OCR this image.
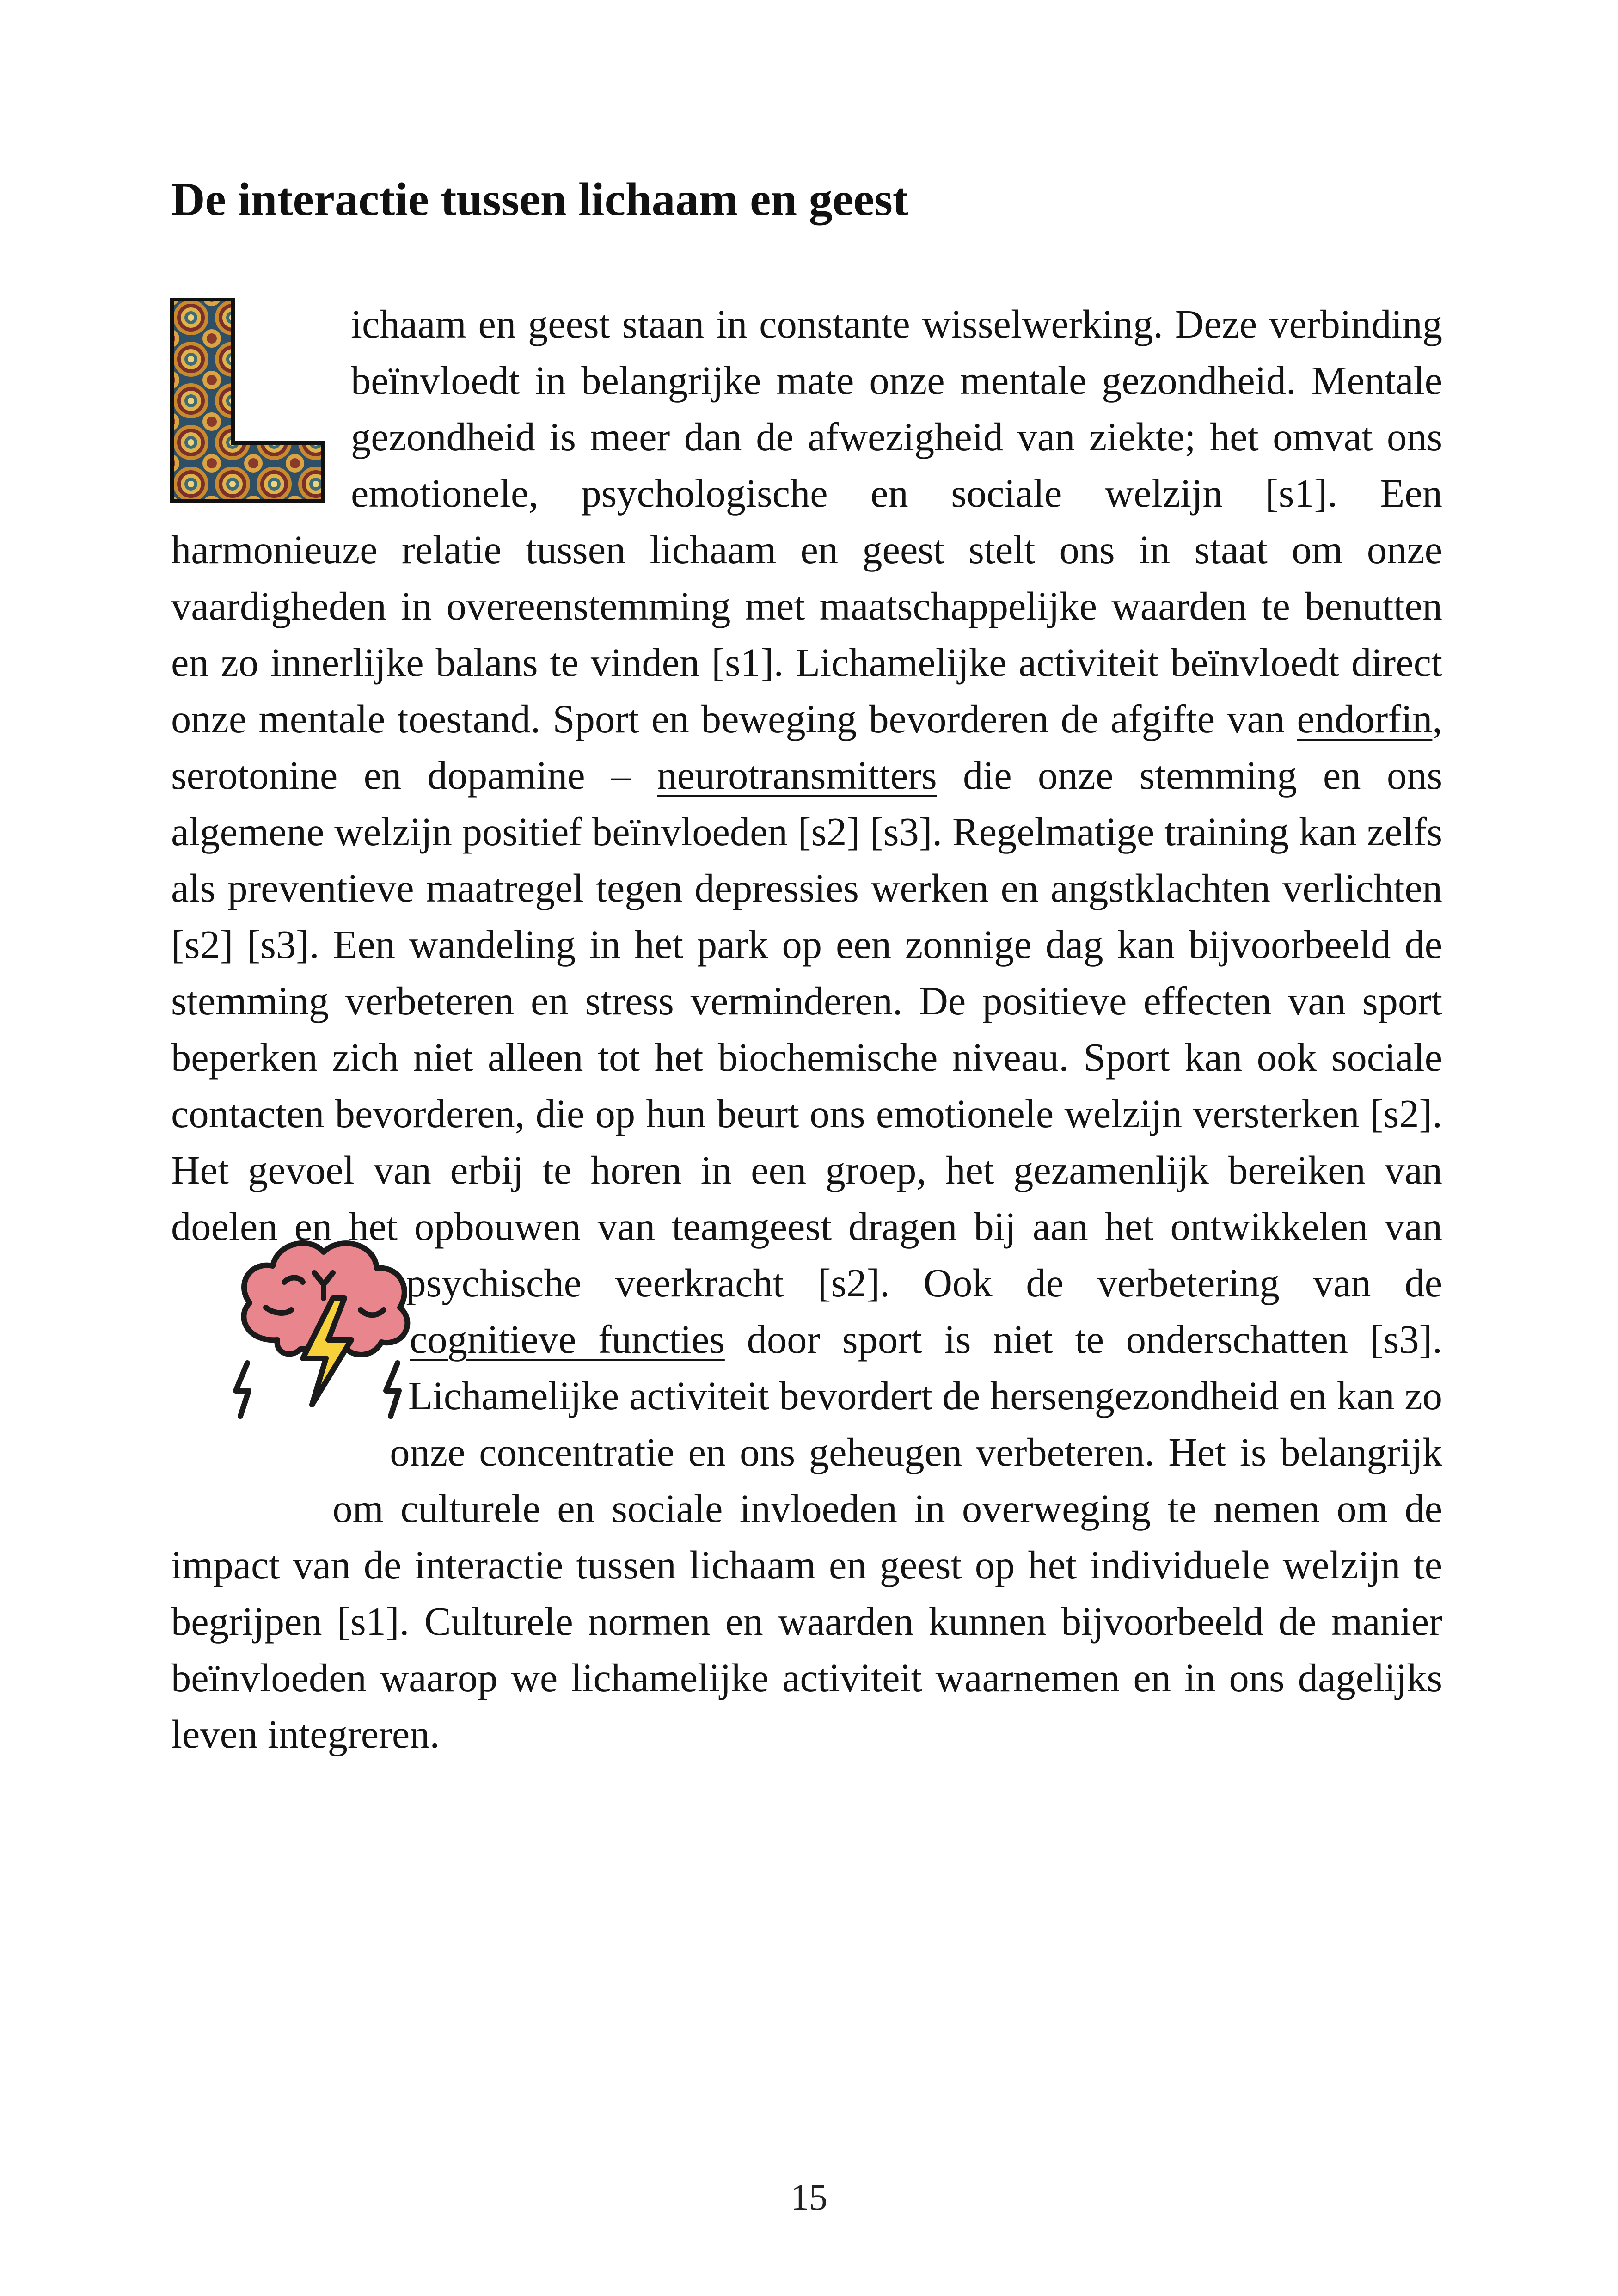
De interactie tussen lichaam en geest

ichaam en geest staan in constante wisselwerking. Deze verbinding beïnvloedt in belangrijke mate onze mentale gezondheid. Mentale gezondheid is meer dan de afwezigheid van ziekte; het omvat ons emotionele, psychologische en sociale welzijn [s1]. Een harmonieuze relatie tussen lichaam en geest stelt ons in staat om onze vaardigheden in overeenstemming met maatschappelijke waarden te benutten en zo innerlijke balans te vinden [s1]. Lichamelijke activiteit beïnvloedt direct onze mentale toestand. Sport en beweging bevorderen de afgifte van endorfin, serotonine en dopamine – neurotransmitters die onze stemming en ons algemene welzijn positief beïnvloeden [s2] [s3]. Regelmatige training kan zelfs als preventieve maatregel tegen depressies werken en angstklachten verlichten [s2] [s3]. Een wandeling in het park op een zonnige dag kan bijvoorbeeld de stemming verbeteren en stress verminderen. De positieve effecten van sport beperken zich niet alleen tot het biochemische niveau. Sport kan ook sociale contacten bevorderen, die op hun beurt ons emotionele welzijn versterken [s2]. Het gevoel van erbij te horen in een groep, het gezamenlijk bereiken van doelen en het
opbouwen van teamgeest dragen bij aan het ontwikkelen van psychische veerkracht [s2]. Ook de verbetering van de cognitieve functies door sport is niet te onderschatten [s3]. Lichamelijke activiteit bevordert de hersengezondheid en kan zo onze concentratie en ons geheugen verbeteren. Het is belangrijk om culturele en sociale invloeden in overweging te nemen om de impact van de interactie tussen lichaam en geest op het individuele welzijn te begrijpen [s1]. Culturele normen en waarden kunnen bijvoorbeeld de manier beïnvloeden waarop we lichamelijke activiteit waarnemen en in ons dagelijks leven integreren.

15
